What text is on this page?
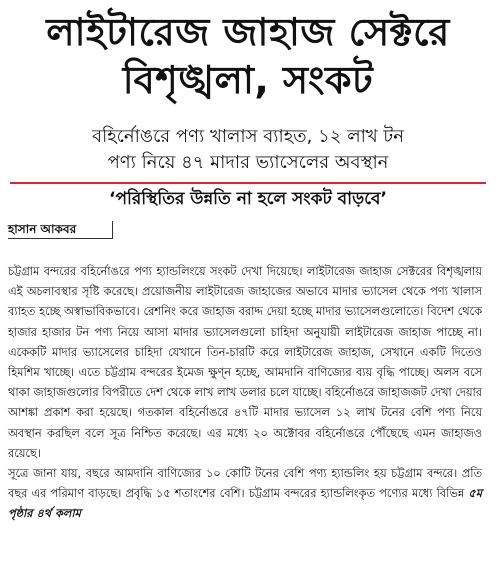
লাইটারেজ জাহাজ সেক্টরে
বিশৃঙ্খলা, সংকট
বহির্নোঙরে পণ্য খালাস ব্যাহত, ১২ লাখ টন
পণ্য নিয়ে ৪৭ মাদার ভ্যাসেলের অবস্থান
‘পরিস্থিতির উন্নতি না হলে সংকট বাড়বে’
হাসান আকবর

চট্টগ্রাম বন্দরের বহির্নোঙরে পণ্য হ্যান্ডলিংয়ে সংকট দেখা দিয়েছে। লাইটারেজ জাহাজ সেক্টরের বিশৃঙ্খলায় এই অচলাবস্থার সৃষ্টি করেছে। প্রয়োজনীয় লাইটারেজ জাহাজের অভাবে মাদার ভ্যাসেল থেকে পণ্য খালাস ব্যাহত হচ্ছে অস্বাভাবিকভাবে। রেশনিং করে জাহাজ বরাদ্দ দেয়া হচ্ছে মাদার ভ্যাসেলগুলোতে। বিদেশ থেকে হাজার হাজার টন পণ্য নিয়ে আসা মাদার ভ্যাসেলগুলো চাহিদা অনুযায়ী লাইটারেজ জাহাজ পাচ্ছে না। একেকটি মাদার ভ্যাসেলের চাহিদা যেখানে তিন-চারটি করে লাইটারেজ জাহাজ, সেখানে একটি দিতেও হিমশিম খাচ্ছে। এতে চট্টগ্রাম বন্দরের ইমেজ ক্ষুণ্ন হচ্ছে, আমদানি বাণিজ্যের ব্যয় বৃদ্ধি পাচ্ছে। অলস বসে থাকা জাহাজগুলোর বিপরীতে দেশ থেকে লাখ লাখ ডলার চলে যাচ্ছে। বহির্নোঙরে জাহাজজট দেখা দেয়ার আশঙ্কা প্রকাশ করা হয়েছে। গতকাল বহির্নোঙরে ৪৭টি মাদার ভ্যাসেল ১২ লাখ টনের বেশি পণ্য নিয়ে অবস্থান করছিল বলে সূত্র নিশ্চিত করেছে। এর মধ্যে ২০ অক্টোবর বহির্নোঙরে পৌঁছেছে এমন জাহাজও রয়েছে।

সূত্রে জানা যায়, বছরে আমদানি বাণিজ্যের ১০ কোটি টনের বেশি পণ্য হ্যান্ডলিং হয় চট্টগ্রাম বন্দরে। প্রতি বছর এর পরিমাণ বাড়ছে। প্রবৃদ্ধি ১৫ শতাংশের বেশি। চট্টগ্রাম বন্দরের হ্যান্ডলিংকৃত পণ্যের মধ্যে বিভিন্ন ৫ম পৃষ্ঠার ৪র্থ কলাম
